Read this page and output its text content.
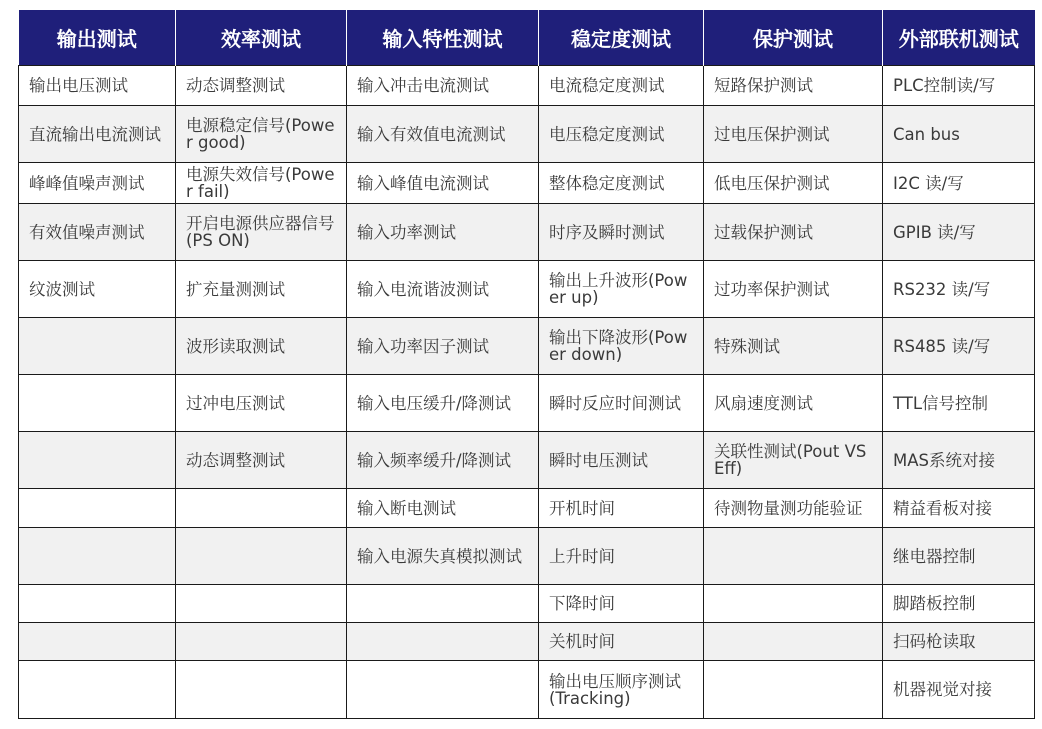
输出测试	效率测试	输入特性测试	稳定度测试	保护测试	外部联机测试

输出电压测试	动态调整测试	输入冲击电流测试	电流稳定度测试	短路保护测试	PLC控制读/写

直流输出电流测试	电源稳定信号(Power good)	输入有效值电流测试	电压稳定度测试	过电压保护测试	Can bus

峰峰值噪声测试	电源失效信号(Power fail)	输入峰值电流测试	整体稳定度测试	低电压保护测试	I2C 读/写

有效值噪声测试	开启电源供应器信号(PS ON)	输入功率测试	时序及瞬时测试	过载保护测试	GPIB 读/写

纹波测试	扩充量测测试	输入电流谐波测试	输出上升波形(Power up)	过功率保护测试	RS232 读/写

	波形读取测试	输入功率因子测试	输出下降波形(Power down)	特殊测试	RS485 读/写

	过冲电压测试	输入电压缓升/降测试	瞬时反应时间测试	风扇速度测试	TTL信号控制

	动态调整测试	输入频率缓升/降测试	瞬时电压测试	关联性测试(Pout VS Eff)	MAS系统对接

		输入断电测试	开机时间	待测物量测功能验证	精益看板对接

		输入电源失真模拟测试	上升时间		继电器控制

			下降时间		脚踏板控制

			关机时间		扫码枪读取

			输出电压顺序测试(Tracking)		机器视觉对接
